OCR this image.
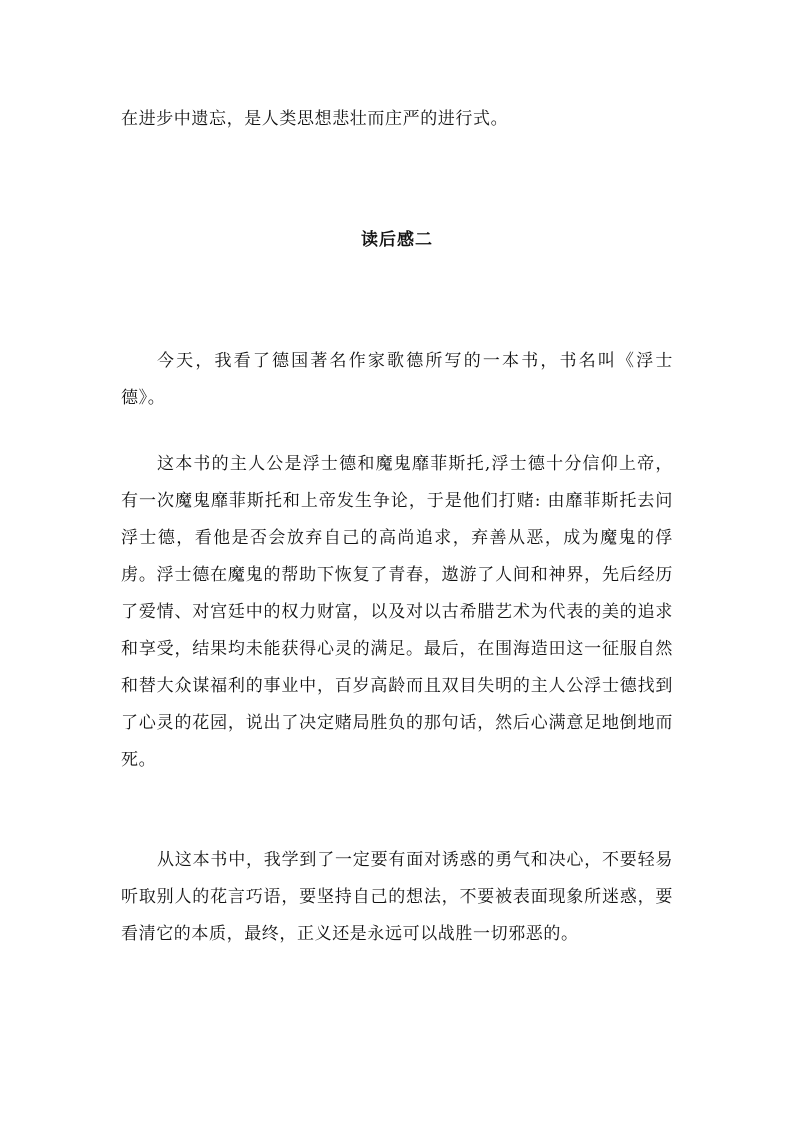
在进步中遗忘，是人类思想悲壮而庄严的进行式。
读后感二
今天，我看了德国著名作家歌德所写的一本书，书名叫《浮士德》。
这本书的主人公是浮士德和魔鬼靡菲斯托,浮士德十分信仰上帝，有一次魔鬼靡菲斯托和上帝发生争论，于是他们打赌: 由靡菲斯托去问浮士德，看他是否会放弃自己的高尚追求，弃善从恶，成为魔鬼的俘虏。浮士德在魔鬼的帮助下恢复了青春，遨游了人间和神界，先后经历了爱情、对宫廷中的权力财富，以及对以古希腊艺术为代表的美的追求和享受，结果均未能获得心灵的满足。最后，在围海造田这一征服自然和替大众谋福利的事业中，百岁高龄而且双目失明的主人公浮士德找到了心灵的花园，说出了决定赌局胜负的那句话，然后心满意足地倒地而死。
从这本书中，我学到了一定要有面对诱惑的勇气和决心，不要轻易听取别人的花言巧语，要坚持自己的想法，不要被表面现象所迷惑，要看清它的本质，最终，正义还是永远可以战胜一切邪恶的。
